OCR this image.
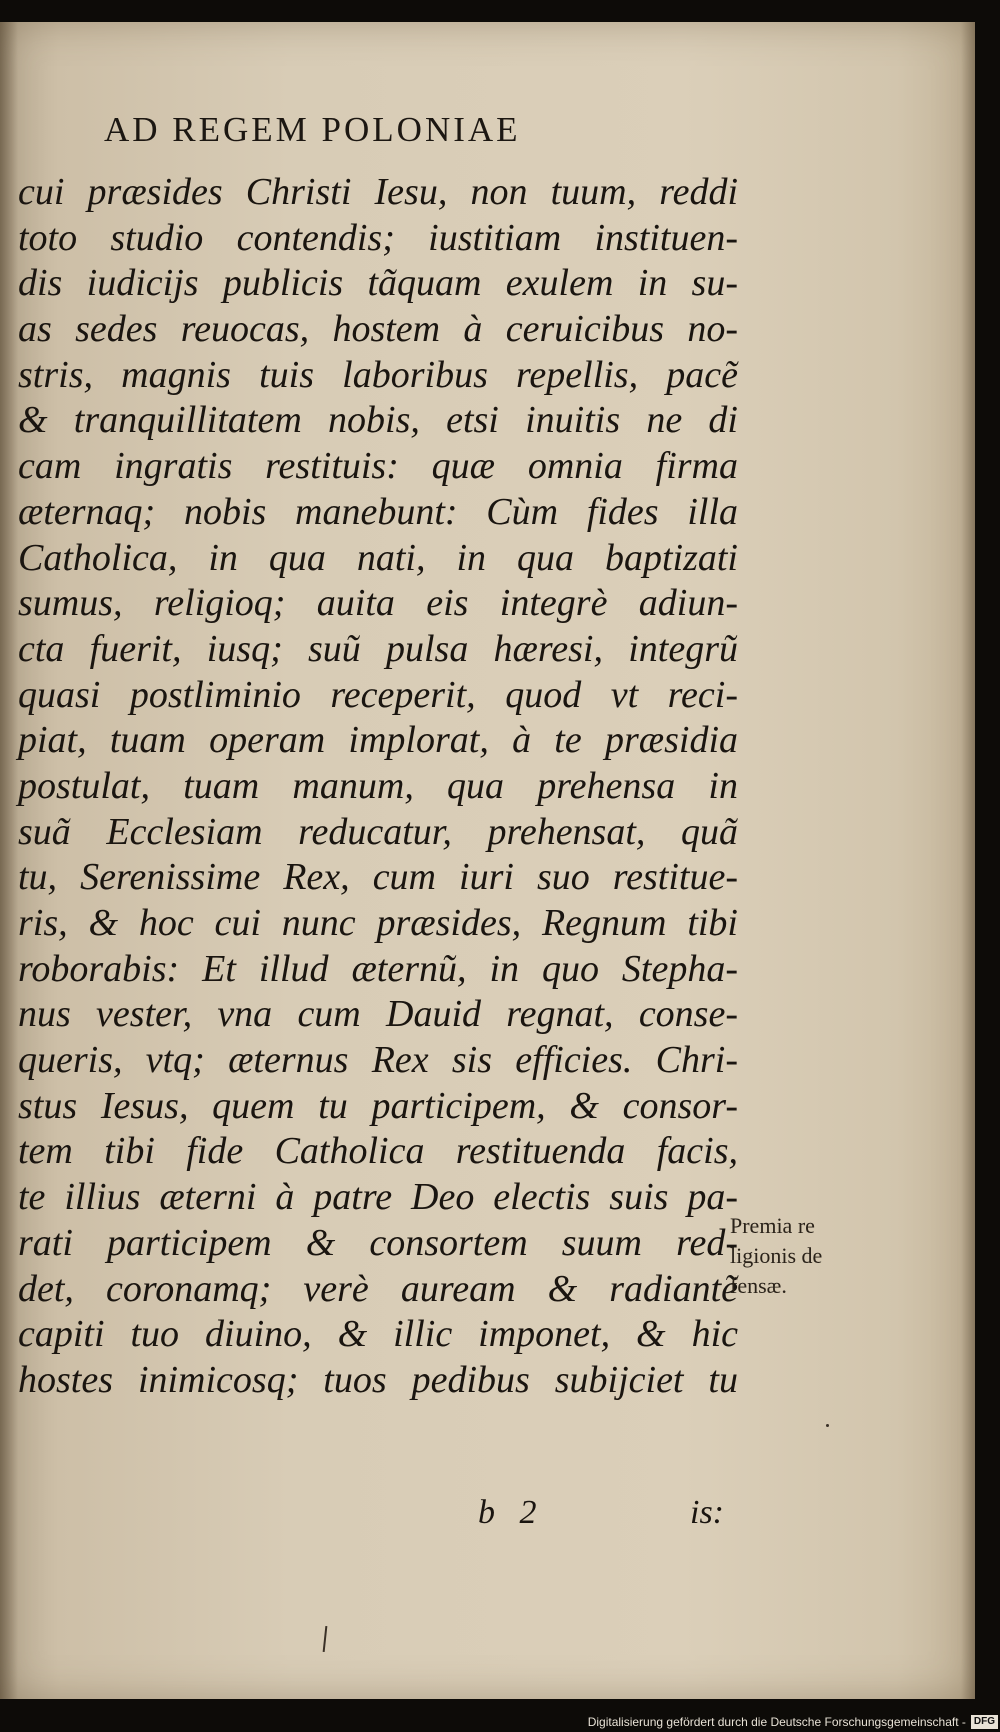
AD REGEM POLONIAE
cui præsides Christi Iesu, non tuum, reddi
toto studio contendis; iustitiam instituen-
dis iudicijs publicis tãquam exulem in su-
as sedes reuocas, hostem à ceruicibus no-
stris, magnis tuis laboribus repellis, pacẽ
& tranquillitatem nobis, etsi inuitis ne di
cam ingratis restituis: quæ omnia firma
æternaq; nobis manebunt: Cùm fides illa
Catholica, in qua nati, in qua baptizati
sumus, religioq; auita eis integrè adiun-
cta fuerit, iusq; suũ pulsa hæresi, integrũ
quasi postliminio receperit, quod vt reci-
piat, tuam operam implorat, à te præsidia
postulat, tuam manum, qua prehensa in
suã Ecclesiam reducatur, prehensat, quã
tu, Serenissime Rex, cum iuri suo restitue-
ris, & hoc cui nunc præsides, Regnum tibi
roborabis: Et illud æternũ, in quo Stepha-
nus vester, vna cum Dauid regnat, conse-
queris, vtq; æternus Rex sis efficies. Chri-
stus Iesus, quem tu participem, & consor-
tem tibi fide Catholica restituenda facis,
te illius æterni à patre Deo electis suis pa-
rati participem & consortem suum red-
det, coronamq; verè auream & radiantẽ
capiti tuo diuino, & illic imponet, & hic
hostes inimicosq; tuos pedibus subijciet tu
Premia re
ligionis de
fensæ.
b 2	is:
Digitalisierung gefördert durch die Deutsche Forschungsgemeinschaft - DFG
